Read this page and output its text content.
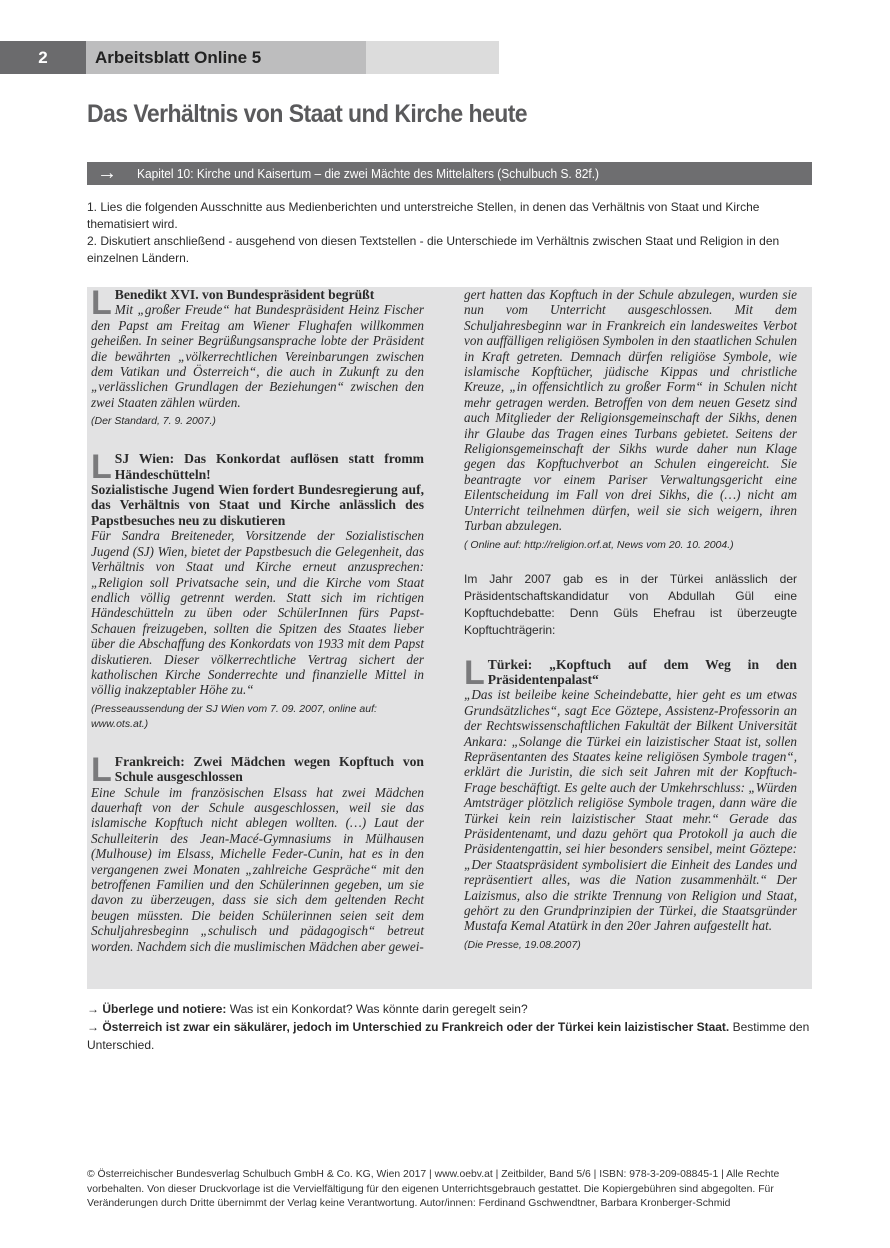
2	Arbeitsblatt Online 5
Das Verhältnis von Staat und Kirche heute
→	Kapitel 10: Kirche und Kaisertum – die zwei Mächte des Mittelalters (Schulbuch S. 82f.)

1. Lies die folgenden Ausschnitte aus Medienberichten und unterstreiche Stellen, in denen das Verhältnis von Staat und Kirche thematisiert wird.

2. Diskutiert anschließend - ausgehend von diesen Textstellen - die Unterschiede im Verhältnis zwischen Staat und Religion in den einzelnen Ländern.

L Benedikt XVI. von Bundespräsident begrüßt
Mit „großer Freude“ hat Bundespräsident Heinz Fischer den Papst am Freitag am Wiener Flughafen willkommen geheißen. In seiner Begrüßungsansprache lobte der Präsident die bewährten „völkerrechtlichen Vereinbarungen zwischen dem Vatikan und Österreich“, die auch in Zukunft zu den „verlässlichen Grundlagen der Beziehungen“ zwischen den zwei Staaten zählen würden.
(Der Standard, 7. 9. 2007.)
LSJ Wien: Das Konkordat auflösen statt fromm Händeschütteln!
Sozialistische Jugend Wien fordert Bundesregierung auf, das Verhältnis von Staat und Kirche anlässlich des Papstbesuches neu zu diskutieren
Für Sandra Breiteneder, Vorsitzende der Sozialistischen Jugend (SJ) Wien, bietet der Papstbesuch die Gelegenheit, das Verhältnis von Staat und Kirche erneut anzusprechen: „Religion soll Privatsache sein, und die Kirche vom Staat endlich völlig getrennt werden. Statt sich im richtigen Händeschütteln zu üben oder SchülerInnen fürs Papst-Schauen freizugeben, sollten die Spitzen des Staates lieber über die Abschaffung des Konkordats von 1933 mit dem Papst diskutieren. Dieser völkerrechtliche Vertrag sichert der katholischen Kirche Sonderrechte und finanzielle Mittel in völlig inakzeptabler Höhe zu.“
(Presseaussendung der SJ Wien vom 7. 09. 2007, online auf: www.ots.at.)
L Frankreich: Zwei Mädchen wegen Kopftuch von Schule ausgeschlossen
Eine Schule im französischen Elsass hat zwei Mädchen dauerhaft von der Schule ausgeschlossen, weil sie das islamische Kopftuch nicht ablegen wollten. (…) Laut der Schulleiterin des Jean-Macé-Gymnasiums in Mülhausen (Mulhouse) im Elsass, Michelle Feder-Cunin, hat es in den vergangenen zwei Monaten „zahlreiche Gespräche“ mit den betroffenen Familien und den Schülerinnen gegeben, um sie davon zu überzeugen, dass sie sich dem geltenden Recht beugen müssten. Die beiden Schülerinnen seien seit dem Schuljahresbeginn „schulisch und pädagogisch“ betreut worden. Nachdem sich die muslimischen Mädchen aber gewei-
gert hatten das Kopftuch in der Schule abzulegen, wurden sie nun vom Unterricht ausgeschlossen. Mit dem Schuljahresbeginn war in Frankreich ein landesweites Verbot von auffälligen religiösen Symbolen in den staatlichen Schulen in Kraft getreten. Demnach dürfen religiöse Symbole, wie islamische Kopftücher, jüdische Kippas und christliche Kreuze, „in offensichtlich zu großer Form“ in Schulen nicht mehr getragen werden. Betroffen von dem neuen Gesetz sind auch Mitglieder der Religionsgemeinschaft der Sikhs, denen ihr Glaube das Tragen eines Turbans gebietet. Seitens der Religionsgemeinschaft der Sikhs wurde daher nun Klage gegen das Kopftuchverbot an Schulen eingereicht. Sie beantragte vor einem Pariser Verwaltungsgericht eine Eilentscheidung im Fall von drei Sikhs, die (…) nicht am Unterricht teilnehmen dürfen, weil sie sich weigern, ihren Turban abzulegen.
( Online auf: http://religion.orf.at, News vom 20. 10. 2004.)
Im Jahr 2007 gab es in der Türkei anlässlich der Präsidentschaftskandidatur von Abdullah Gül eine Kopftuchdebatte: Denn Güls Ehefrau ist überzeugte Kopftuchträgerin:
L Türkei: „Kopftuch auf dem Weg in den Präsidentenpalast“
„Das ist beileibe keine Scheindebatte, hier geht es um etwas Grundsätzliches“, sagt Ece Göztepe, Assistenz-Professorin an der Rechtswissenschaftlichen Fakultät der Bilkent Universität Ankara: „Solange die Türkei ein laizistischer Staat ist, sollen Repräsentanten des Staates keine religiösen Symbole tragen“, erklärt die Juristin, die sich seit Jahren mit der Kopftuch-Frage beschäftigt. Es gelte auch der Umkehrschluss: „Würden Amtsträger plötzlich religiöse Symbole tragen, dann wäre die Türkei kein rein laizistischer Staat mehr.“ Gerade das Präsidentenamt, und dazu gehört qua Protokoll ja auch die Präsidentengattin, sei hier besonders sensibel, meint Göztepe: „Der Staatspräsident symbolisiert die Einheit des Landes und repräsentiert alles, was die Nation zusammenhält.“ Der Laizismus, also die strikte Trennung von Religion und Staat, gehört zu den Grundprinzipien der Türkei, die Staatsgründer Mustafa Kemal Atatürk in den 20er Jahren aufgestellt hat.
(Die Presse, 19.08.2007)

→ Überlege und notiere: Was ist ein Konkordat? Was könnte darin geregelt sein?

→ Österreich ist zwar ein säkulärer, jedoch im Unterschied zu Frankreich oder der Türkei kein laizistischer Staat. Bestimme den Unterschied.

© Österreichischer Bundesverlag Schulbuch GmbH & Co. KG, Wien 2017 | www.oebv.at | Zeitbilder, Band 5/6 | ISBN: 978-3-209-08845-1 | Alle Rechte vorbehalten. Von dieser Druckvorlage ist die Vervielfältigung für den eigenen Unterrichtsgebrauch gestattet. Die Kopiergebühren sind abgegolten. Für Veränderungen durch Dritte übernimmt der Verlag keine Verantwortung. Autor/innen: Ferdinand Gschwendtner, Barbara Kronberger-Schmid
